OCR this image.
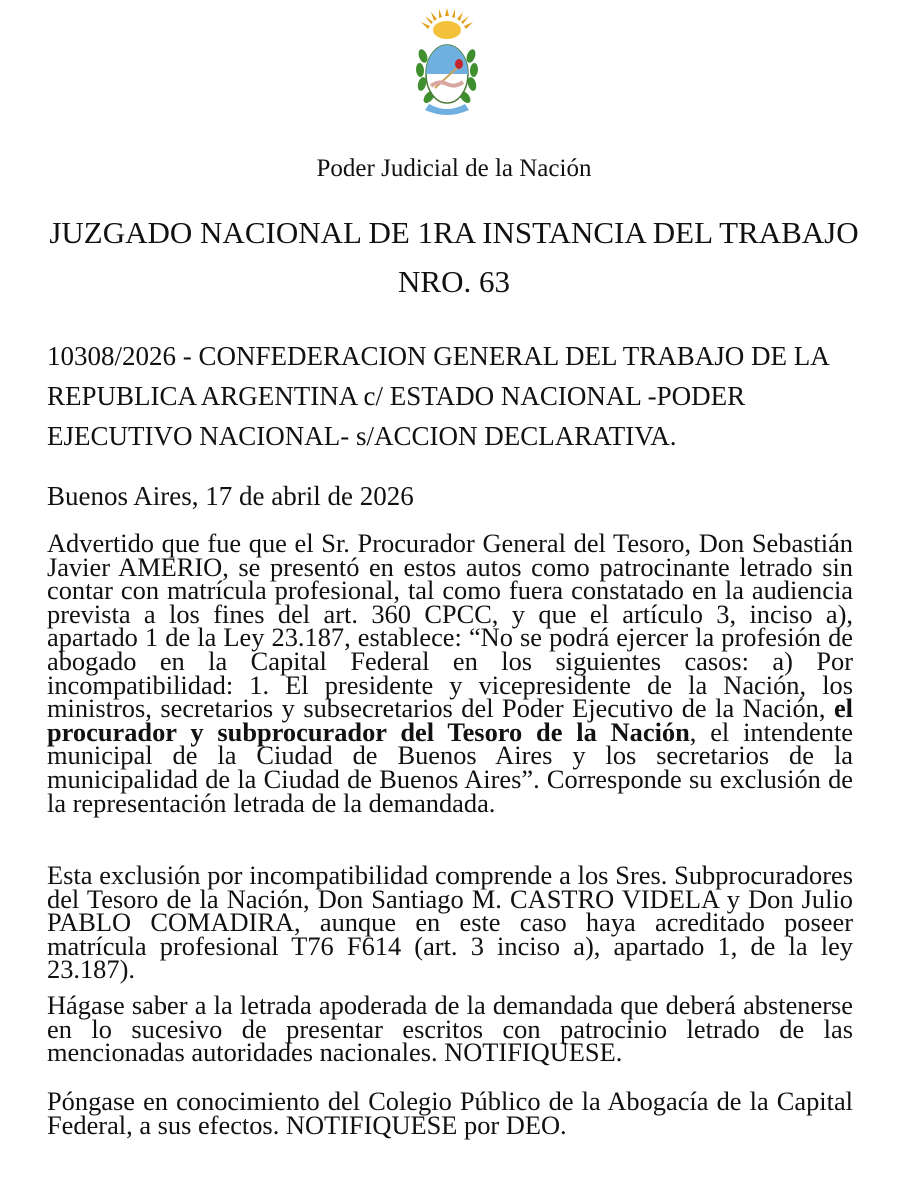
Poder Judicial de la Nación
JUZGADO NACIONAL DE 1RA INSTANCIA DEL TRABAJO NRO. 63

10308/2026 - CONFEDERACION GENERAL DEL TRABAJO DE LA REPUBLICA ARGENTINA c/ ESTADO NACIONAL -PODER EJECUTIVO NACIONAL- s/ACCION DECLARATIVA.

Buenos Aires, 17 de abril de 2026

Advertido que fue que el Sr. Procurador General del Tesoro, Don Sebastián Javier AMERIO, se presentó en estos autos como patrocinante letrado sin contar con matrícula profesional, tal como fuera constatado en la audiencia prevista a los fines del art. 360 CPCC, y que el artículo 3, inciso a), apartado 1 de la Ley 23.187, establece: “No se podrá ejercer la profesión de abogado en la Capital Federal en los siguientes casos: a) Por incompatibilidad: 1. El presidente y vicepresidente de la Nación, los ministros, secretarios y subsecretarios del Poder Ejecutivo de la Nación, el procurador y subprocurador del Tesoro de la Nación, el intendente municipal de la Ciudad de Buenos Aires y los secretarios de la municipalidad de la Ciudad de Buenos Aires”. Corresponde su exclusión de la representación letrada de la demandada.

Esta exclusión por incompatibilidad comprende a los Sres. Subprocuradores del Tesoro de la Nación, Don Santiago M. CASTRO VIDELA y Don Julio PABLO COMADIRA, aunque en este caso haya acreditado poseer matrícula profesional T76 F614 (art. 3 inciso a), apartado 1, de la ley 23.187).

Hágase saber a la letrada apoderada de la demandada que deberá abstenerse en lo sucesivo de presentar escritos con patrocinio letrado de las mencionadas autoridades nacionales. NOTIFIQUESE.

Póngase en conocimiento del Colegio Público de la Abogacía de la Capital Federal, a sus efectos. NOTIFIQUESE por DEO.
